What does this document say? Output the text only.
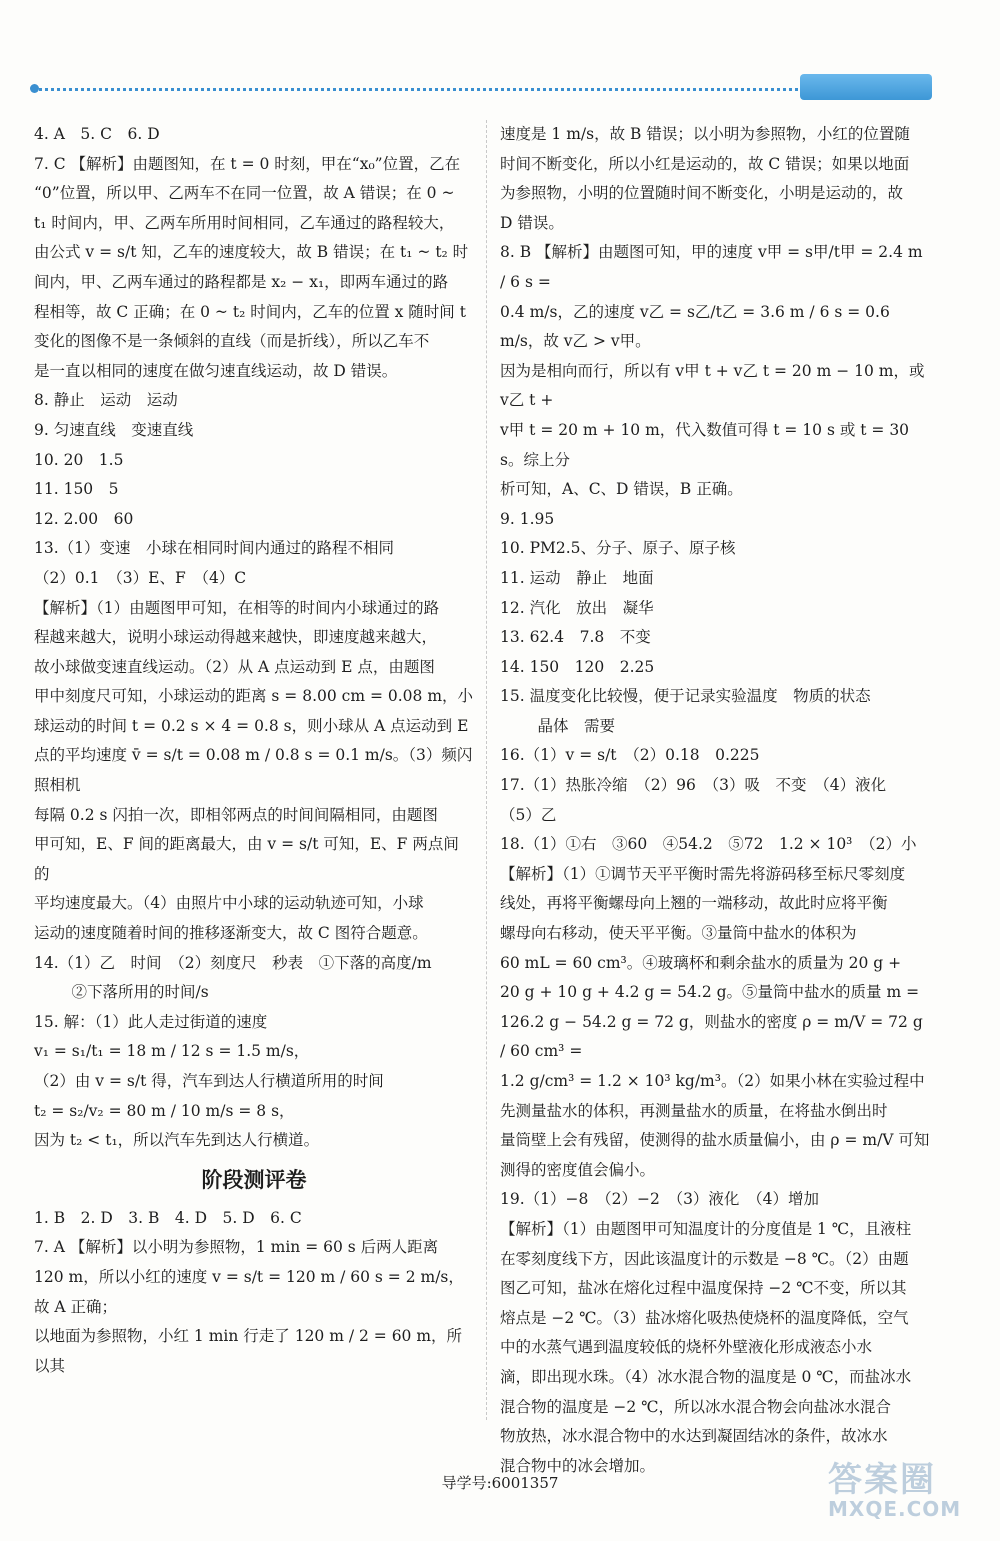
4. A　5. C　6. D

7. C 【解析】由题图知，在 t = 0 时刻，甲在“x₀”位置，乙在

“0”位置，所以甲、乙两车不在同一位置，故 A 错误；在 0 ~

t₁ 时间内，甲、乙两车所用时间相同，乙车通过的路程较大，

由公式 v = s/t 知，乙车的速度较大，故 B 错误；在 t₁ ~ t₂ 时

间内，甲、乙两车通过的路程都是 x₂ − x₁，即两车通过的路

程相等，故 C 正确；在 0 ~ t₂ 时间内，乙车的位置 x 随时间 t

变化的图像不是一条倾斜的直线（而是折线），所以乙车不

是一直以相同的速度在做匀速直线运动，故 D 错误。

8. 静止　运动　运动

9. 匀速直线　变速直线

10. 20　1.5

11. 150　5

12. 2.00　60

13.（1）变速　小球在相同时间内通过的路程不相同

（2）0.1　（3）E、F　（4）C

【解析】（1）由题图甲可知，在相等的时间内小球通过的路

程越来越大，说明小球运动得越来越快，即速度越来越大，

故小球做变速直线运动。（2）从 A 点运动到 E 点，由题图

甲中刻度尺可知，小球运动的距离 s = 8.00 cm = 0.08 m，小

球运动的时间 t = 0.2 s × 4 = 0.8 s，则小球从 A 点运动到 E

点的平均速度 v̄ = s/t = 0.08 m / 0.8 s = 0.1 m/s。（3）频闪照相机

每隔 0.2 s 闪拍一次，即相邻两点的时间间隔相同，由题图

甲可知，E、F 间的距离最大，由 v = s/t 可知，E、F 两点间的

平均速度最大。（4）由照片中小球的运动轨迹可知，小球

运动的速度随着时间的推移逐渐变大，故 C 图符合题意。

14.（1）乙　时间　（2）刻度尺　秒表　①下落的高度/m

　②下落所用的时间/s

15. 解：（1）此人走过街道的速度

v₁ = s₁/t₁ = 18 m / 12 s = 1.5 m/s，

（2）由 v = s/t 得，汽车到达人行横道所用的时间

t₂ = s₂/v₂ = 80 m / 10 m/s = 8 s，

因为 t₂ < t₁，所以汽车先到达人行横道。

阶段测评卷

1. B　2. D　3. B　4. D　5. D　6. C

7. A 【解析】以小明为参照物，1 min = 60 s 后两人距离

120 m，所以小红的速度 v = s/t = 120 m / 60 s = 2 m/s，故 A 正确；

以地面为参照物，小红 1 min 行走了 120 m / 2 = 60 m，所以其

速度是 1 m/s，故 B 错误；以小明为参照物，小红的位置随

时间不断变化，所以小红是运动的，故 C 错误；如果以地面

为参照物，小明的位置随时间不断变化，小明是运动的，故

D 错误。

8. B 【解析】由题图可知，甲的速度 v甲 = s甲/t甲 = 2.4 m / 6 s =

0.4 m/s，乙的速度 v乙 = s乙/t乙 = 3.6 m / 6 s = 0.6 m/s，故 v乙 > v甲。

因为是相向而行，所以有 v甲 t + v乙 t = 20 m − 10 m，或 v乙 t +

v甲 t = 20 m + 10 m，代入数值可得 t = 10 s 或 t = 30 s。综上分

析可知，A、C、D 错误，B 正确。

9. 1.95

10. PM2.5、分子、原子、原子核

11. 运动　静止　地面

12. 汽化　放出　凝华

13. 62.4　7.8　不变

14. 150　120　2.25

15. 温度变化比较慢，便于记录实验温度　物质的状态

　晶体　需要

16.（1）v = s/t　（2）0.18　0.225

17.（1）热胀冷缩　（2）96　（3）吸　不变　（4）液化

（5）乙

18.（1）①右　③60　④54.2　⑤72　1.2 × 10³　（2）小

【解析】（1）①调节天平平衡时需先将游码移至标尺零刻度

线处，再将平衡螺母向上翘的一端移动，故此时应将平衡

螺母向右移动，使天平平衡。③量筒中盐水的体积为

60 mL = 60 cm³。④玻璃杯和剩余盐水的质量为 20 g +

20 g + 10 g + 4.2 g = 54.2 g。⑤量筒中盐水的质量 m =

126.2 g − 54.2 g = 72 g，则盐水的密度 ρ = m/V = 72 g / 60 cm³ =

1.2 g/cm³ = 1.2 × 10³ kg/m³。（2）如果小林在实验过程中

先测量盐水的体积，再测量盐水的质量，在将盐水倒出时

量筒壁上会有残留，使测得的盐水质量偏小，由 ρ = m/V 可知

测得的密度值会偏小。

19.（1）−8　（2）−2　（3）液化　（4）增加

【解析】（1）由题图甲可知温度计的分度值是 1 ℃，且液柱

在零刻度线下方，因此该温度计的示数是 −8 ℃。（2）由题

图乙可知，盐冰在熔化过程中温度保持 −2 ℃不变，所以其

熔点是 −2 ℃。（3）盐冰熔化吸热使烧杯的温度降低，空气

中的水蒸气遇到温度较低的烧杯外壁液化形成液态小水

滴，即出现水珠。（4）冰水混合物的温度是 0 ℃，而盐冰水

混合物的温度是 −2 ℃，所以冰水混合物会向盐冰水混合

物放热，冰水混合物中的水达到凝固结冰的条件，故冰水

混合物中的冰会增加。

导学号:6001357	答案圈
MXQE.COM
